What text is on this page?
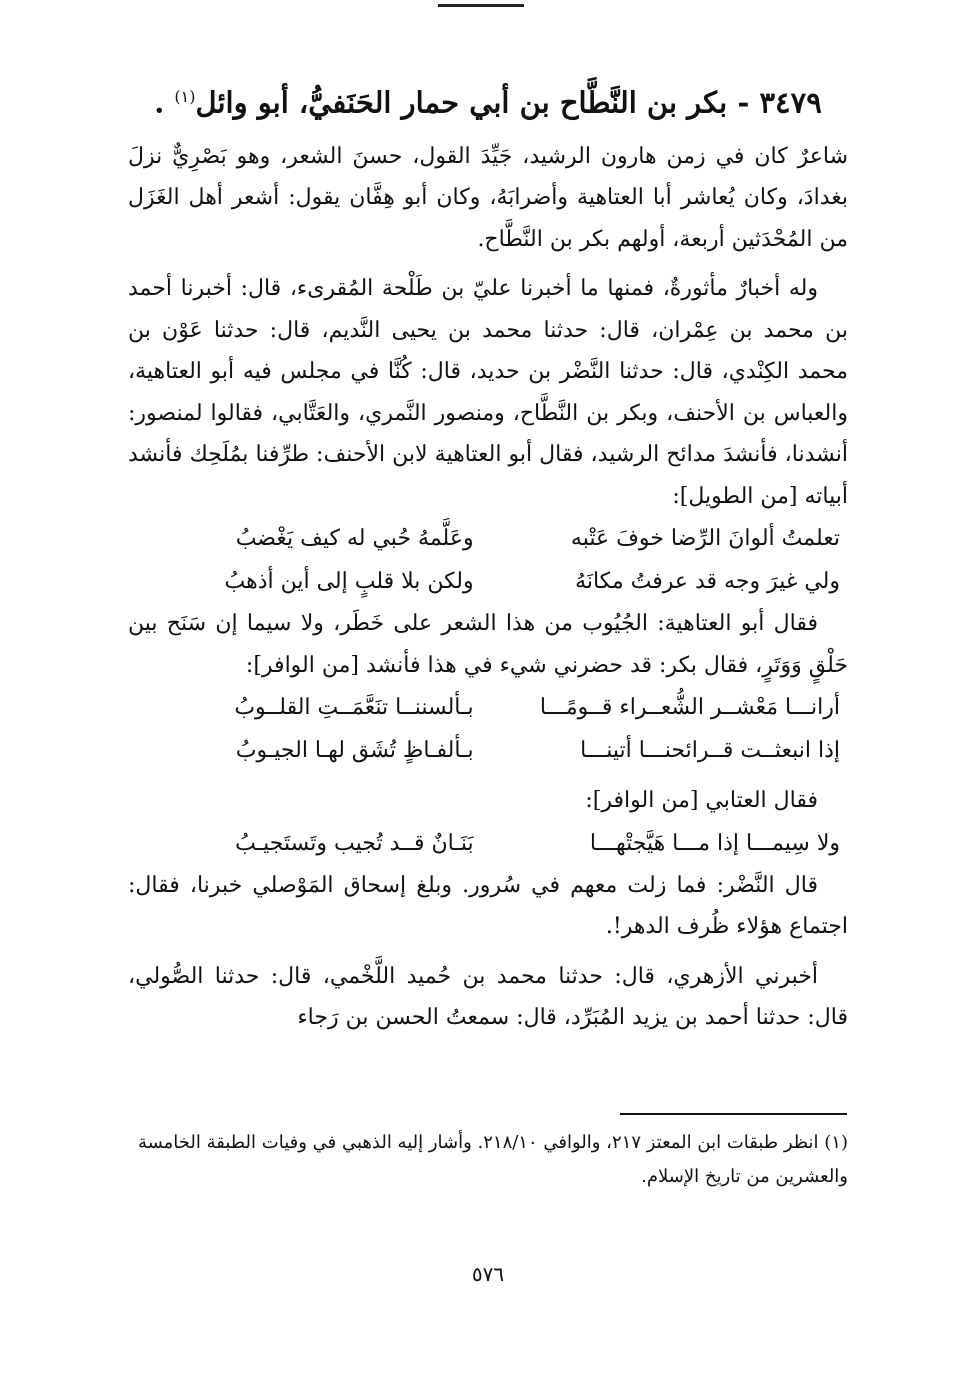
٣٤٧٩ - بكر بن النَّطَّاح بن أبي حمار الحَنَفيُّ، أبو وائل$^{(١)}$ .

شاعرٌ كان في زمن هارون الرشيد، جَيِّدَ القول، حسنَ الشعر، وهو بَصْرِيٌّ نزلَ بغدادَ، وكان يُعاشر أبا العتاهية وأضرابَهُ، وكان أبو هِفَّان يقول: أشعر أهل الغَزَل من المُحْدَثين أربعة، أولهم بكر بن النَّطَّاح.

وله أخبارٌ مأثورةٌ، فمنها ما أخبرنا عليّ بن طَلْحة المُقرىء، قال: أخبرنا أحمد بن محمد بن عِمْران، قال: حدثنا محمد بن يحيى النَّديم، قال: حدثنا عَوْن بن محمد الكِنْدي، قال: حدثنا النَّضْر بن حديد، قال: كُنَّا في مجلس فيه أبو العتاهية، والعباس بن الأحنف، وبكر بن النَّطَّاح، ومنصور النَّمري، والعَتَّابي، فقالوا لمنصور: أنشدنا، فأنشدَ مدائح الرشيد، فقال أبو العتاهية لابن الأحنف: طرِّفنا بمُلَحِك فأنشد أبياته [من الطويل]:

تعلمتُ ألوانَ الرِّضا خوفَ عَتْبه
وعَلَّمهُ حُبي له كيف يَغْضبُ
ولي غيرَ وجه قد عرفتُ مكانَهُ
ولكن بلا قلبٍ إلى أين أذهبُ

فقال أبو العتاهية: الجُيُوب من هذا الشعر على خَطَر، ولا سيما إن سَنَح بين حَلْقٍ وَوَتَرٍ، فقال بكر: قد حضرني شيء في هذا فأنشد [من الوافر]:

أرانـــا مَعْشــر الشُّعــراء قــومًـــا
بـألسننــا تنَعَّمَــتِ القلــوبُ
إذا انبعثــت قــرائحنـــا أتينـــا
بـألفـاظٍ تُشَق لهـا الجيـوبُ

فقال العتابي [من الوافر]:

ولا سِيمـــا إذا مـــا هَيَّجتْهـــا
بَنَـانٌ قــد تُجيب وتَستَجيـبُ

قال النَّضْر: فما زلت معهم في سُرور. وبلغ إسحاق المَوْصلي خبرنا، فقال: اجتماع هؤلاء ظُرف الدهر!.

أخبرني الأزهري، قال: حدثنا محمد بن حُميد اللَّخْمي، قال: حدثنا الصُّولي، قال: حدثنا أحمد بن يزيد المُبَرِّد، قال: سمعتُ الحسن بن رَجاء

(١) انظر طبقات ابن المعتز ٢١٧، والوافي ٢١٨/١٠. وأشار إليه الذهبي في وفيات الطبقة الخامسة والعشرين من تاريخ الإسلام.
٥٧٦
